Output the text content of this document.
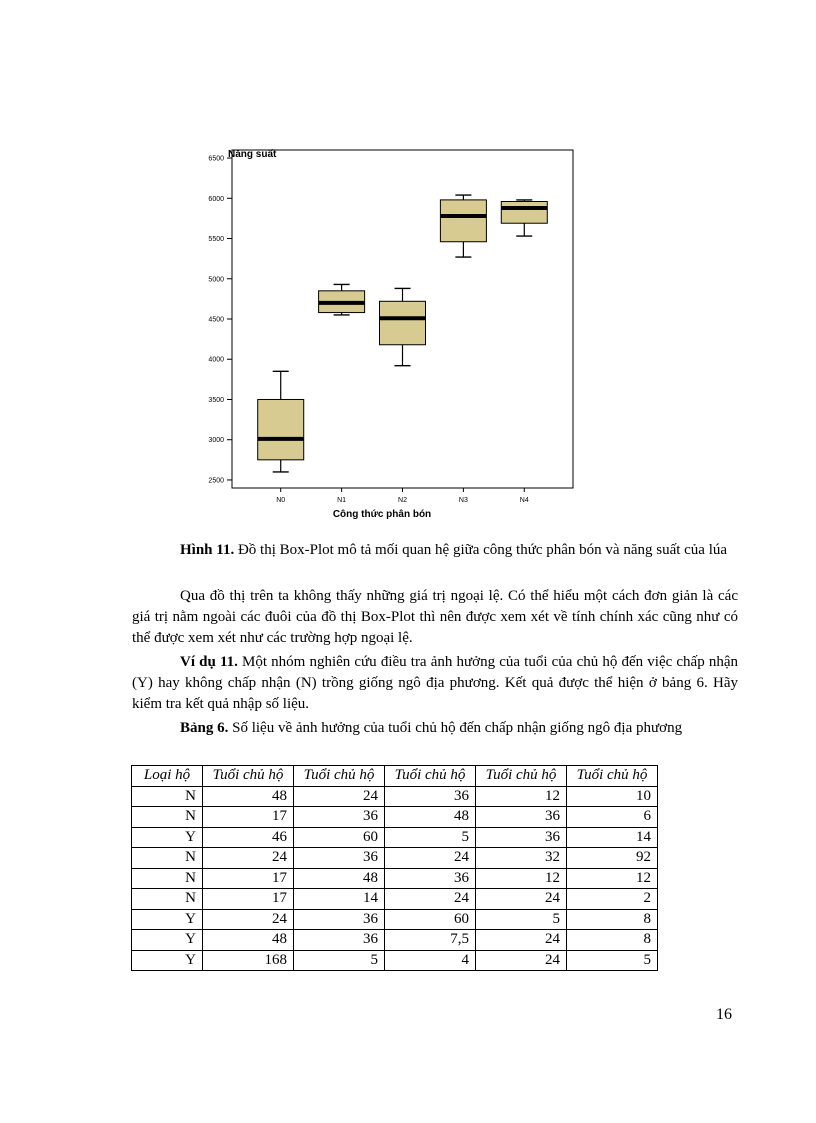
2500
3000
3500
4000
4500
5000
5500
6000
6500
N0	N1	N2	N3	N4
Năng suất
Công thức phân bón
Hình 11. Đồ thị Box-Plot mô tả mối quan hệ giữa công thức phân bón và năng suất của lúa
Qua đồ thị trên ta không thấy những giá trị ngoại lệ. Có thể hiểu một cách đơn giản là các giá trị nằm ngoài các đuôi của đồ thị Box-Plot thì nên được xem xét về tính chính xác cũng như có thể được xem xét như các trường hợp ngoại lệ.
Ví dụ 11. Một nhóm nghiên cứu điều tra ảnh hưởng của tuổi của chủ hộ đến việc chấp nhận (Y) hay không chấp nhận (N) trồng giống ngô địa phương. Kết quả được thể hiện ở bảng 6. Hãy kiểm tra kết quả nhập số liệu.
Bảng 6. Số liệu về ảnh hưởng của tuổi chủ hộ đến chấp nhận giống ngô địa phương
Loại hộ	Tuổi chủ hộ	Tuổi chủ hộ	Tuổi chủ hộ	Tuổi chủ hộ	Tuổi chủ hộ
N	48	24	36	12	10
N	17	36	48	36	6
Y	46	60	5	36	14
N	24	36	24	32	92
N	17	48	36	12	12
N	17	14	24	24	2
Y	24	36	60	5	8
Y	48	36	7,5	24	8
Y	168	5	4	24	5
16
